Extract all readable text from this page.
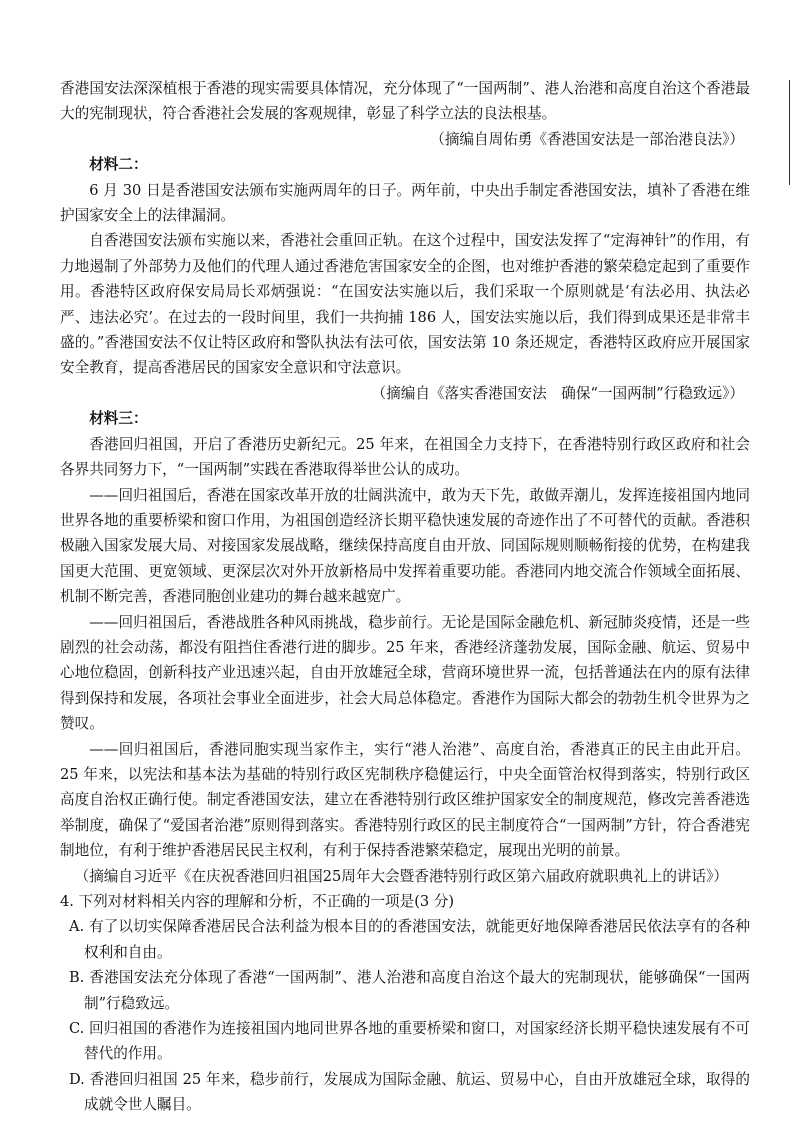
香港国安法深深植根于香港的现实需要具体情况，充分体现了“一国两制”、港人治港和高度自治这个香港最大的宪制现状，符合香港社会发展的客观规律，彰显了科学立法的良法根基。

（摘编自周佑勇《香港国安法是一部治港良法》）

材料二：

6 月 30 日是香港国安法颁布实施两周年的日子。两年前，中央出手制定香港国安法，填补了香港在维护国家安全上的法律漏洞。

自香港国安法颁布实施以来，香港社会重回正轨。在这个过程中，国安法发挥了“定海神针”的作用，有力地遏制了外部势力及他们的代理人通过香港危害国家安全的企图，也对维护香港的繁荣稳定起到了重要作用。香港特区政府保安局局长邓炳强说：“在国安法实施以后，我们采取一个原则就是‘有法必用、执法必严、违法必究’。在过去的一段时间里，我们一共拘捕 186 人，国安法实施以后，我们得到成果还是非常丰盛的。”香港国安法不仅让特区政府和警队执法有法可依，国安法第 10 条还规定，香港特区政府应开展国家安全教育，提高香港居民的国家安全意识和守法意识。

（摘编自《落实香港国安法　确保“一国两制”行稳致远》）

材料三：

香港回归祖国，开启了香港历史新纪元。25 年来，在祖国全力支持下，在香港特别行政区政府和社会各界共同努力下，“一国两制”实践在香港取得举世公认的成功。

——回归祖国后，香港在国家改革开放的壮阔洪流中，敢为天下先，敢做弄潮儿，发挥连接祖国内地同世界各地的重要桥梁和窗口作用，为祖国创造经济长期平稳快速发展的奇迹作出了不可替代的贡献。香港积极融入国家发展大局、对接国家发展战略，继续保持高度自由开放、同国际规则顺畅衔接的优势，在构建我国更大范围、更宽领域、更深层次对外开放新格局中发挥着重要功能。香港同内地交流合作领域全面拓展、机制不断完善，香港同胞创业建功的舞台越来越宽广。

——回归祖国后，香港战胜各种风雨挑战，稳步前行。无论是国际金融危机、新冠肺炎疫情，还是一些剧烈的社会动荡，都没有阻挡住香港行进的脚步。25 年来，香港经济蓬勃发展，国际金融、航运、贸易中心地位稳固，创新科技产业迅速兴起，自由开放雄冠全球，营商环境世界一流，包括普通法在内的原有法律得到保持和发展，各项社会事业全面进步，社会大局总体稳定。香港作为国际大都会的勃勃生机令世界为之赞叹。

——回归祖国后，香港同胞实现当家作主，实行“港人治港”、高度自治，香港真正的民主由此开启。25 年来，以宪法和基本法为基础的特别行政区宪制秩序稳健运行，中央全面管治权得到落实，特别行政区高度自治权正确行使。制定香港国安法，建立在香港特别行政区维护国家安全的制度规范，修改完善香港选举制度，确保了“爱国者治港”原则得到落实。香港特别行政区的民主制度符合“一国两制”方针，符合香港宪制地位，有利于维护香港居民民主权利，有利于保持香港繁荣稳定，展现出光明的前景。

（摘编自习近平《在庆祝香港回归祖国25周年大会暨香港特别行政区第六届政府就职典礼上的讲话》）

4. 下列对材料相关内容的理解和分析，不正确的一项是(3 分)

A. 有了以切实保障香港居民合法利益为根本目的的香港国安法，就能更好地保障香港居民依法享有的各种权利和自由。

B. 香港国安法充分体现了香港“一国两制”、港人治港和高度自治这个最大的宪制现状，能够确保“一国两制”行稳致远。

C. 回归祖国的香港作为连接祖国内地同世界各地的重要桥梁和窗口，对国家经济长期平稳快速发展有不可替代的作用。

D. 香港回归祖国 25 年来，稳步前行，发展成为国际金融、航运、贸易中心，自由开放雄冠全球，取得的成就令世人瞩目。
